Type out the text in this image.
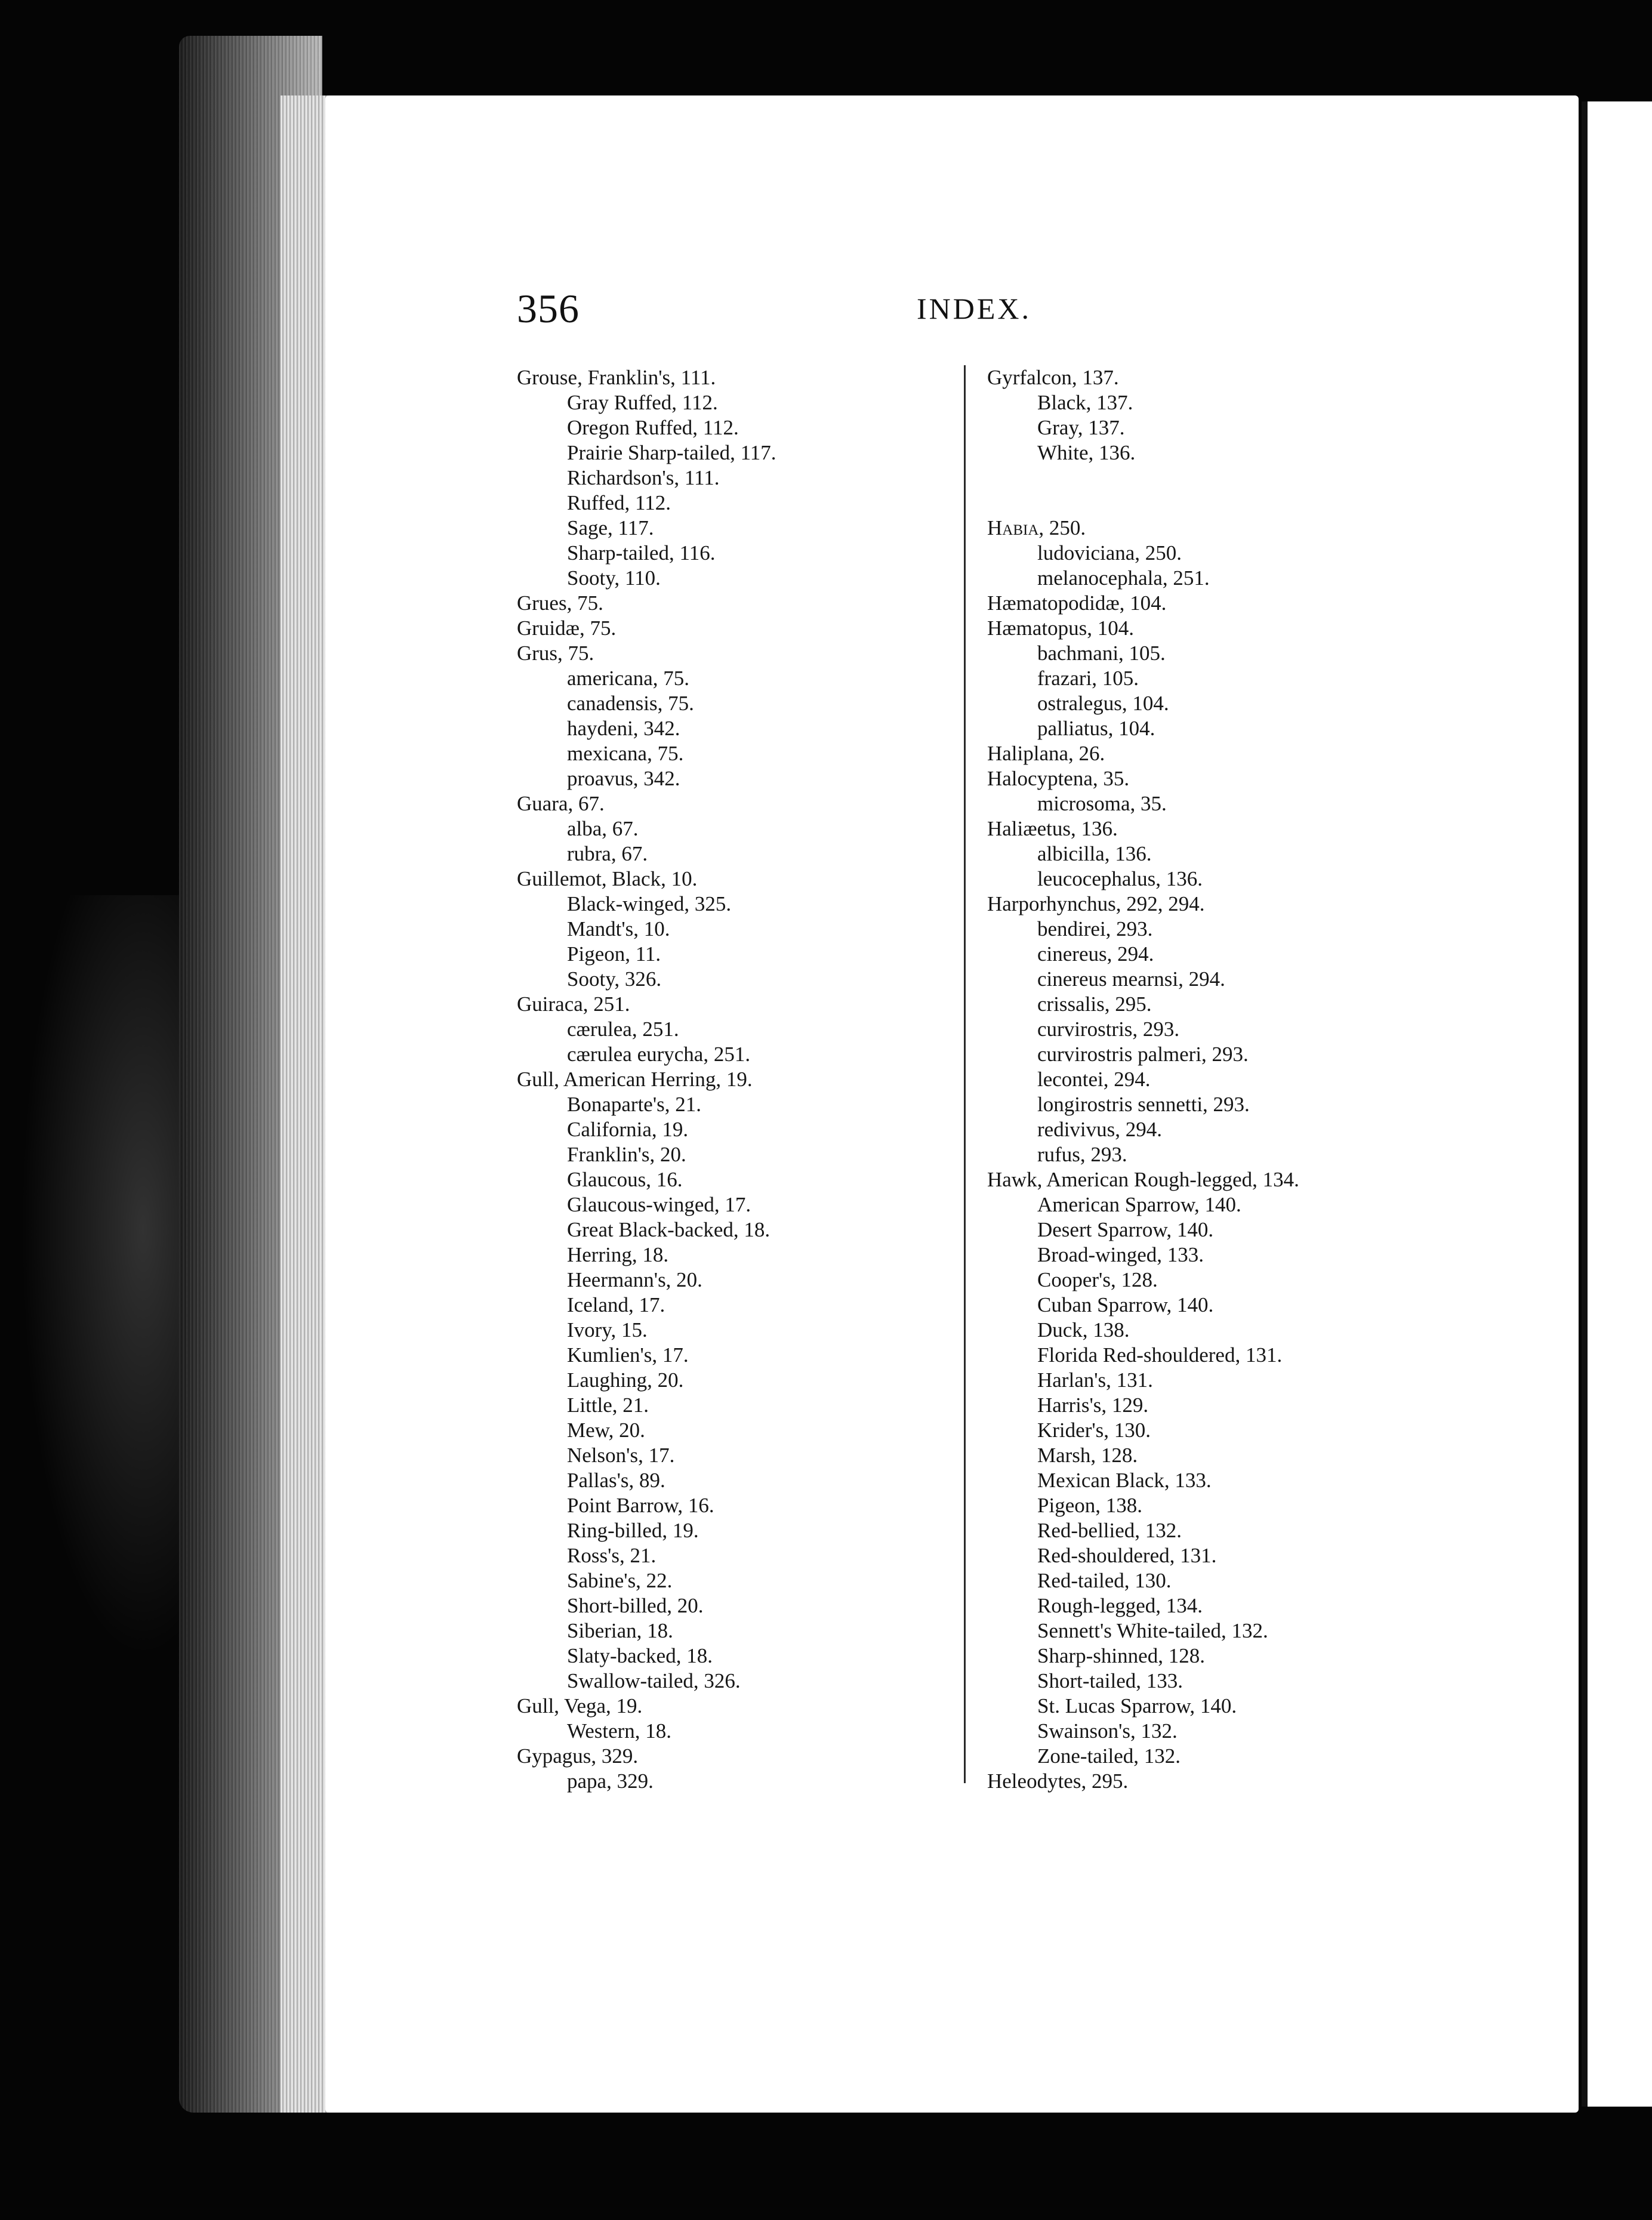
356	INDEX.
Grouse, Franklin's, 111.
Gray Ruffed, 112.
Oregon Ruffed, 112.
Prairie Sharp-tailed, 117.
Richardson's, 111.
Ruffed, 112.
Sage, 117.
Sharp-tailed, 116.
Sooty, 110.
Grues, 75.
Gruidæ, 75.
Grus, 75.
americana, 75.
canadensis, 75.
haydeni, 342.
mexicana, 75.
proavus, 342.
Guara, 67.
alba, 67.
rubra, 67.
Guillemot, Black, 10.
Black-winged, 325.
Mandt's, 10.
Pigeon, 11.
Sooty, 326.
Guiraca, 251.
cærulea, 251.
cærulea eurycha, 251.
Gull, American Herring, 19.
Bonaparte's, 21.
California, 19.
Franklin's, 20.
Glaucous, 16.
Glaucous-winged, 17.
Great Black-backed, 18.
Herring, 18.
Heermann's, 20.
Iceland, 17.
Ivory, 15.
Kumlien's, 17.
Laughing, 20.
Little, 21.
Mew, 20.
Nelson's, 17.
Pallas's, 89.
Point Barrow, 16.
Ring-billed, 19.
Ross's, 21.
Sabine's, 22.
Short-billed, 20.
Siberian, 18.
Slaty-backed, 18.
Swallow-tailed, 326.
Gull, Vega, 19.
Western, 18.
Gypagus, 329.
papa, 329.
Gyrfalcon, 137.
Black, 137.
Gray, 137.
White, 136.
Habia, 250.
ludoviciana, 250.
melanocephala, 251.
Hæmatopodidæ, 104.
Hæmatopus, 104.
bachmani, 105.
frazari, 105.
ostralegus, 104.
palliatus, 104.
Haliplana, 26.
Halocyptena, 35.
microsoma, 35.
Haliæetus, 136.
albicilla, 136.
leucocephalus, 136.
Harporhynchus, 292, 294.
bendirei, 293.
cinereus, 294.
cinereus mearnsi, 294.
crissalis, 295.
curvirostris, 293.
curvirostris palmeri, 293.
lecontei, 294.
longirostris sennetti, 293.
redivivus, 294.
rufus, 293.
Hawk, American Rough-legged, 134.
American Sparrow, 140.
Desert Sparrow, 140.
Broad-winged, 133.
Cooper's, 128.
Cuban Sparrow, 140.
Duck, 138.
Florida Red-shouldered, 131.
Harlan's, 131.
Harris's, 129.
Krider's, 130.
Marsh, 128.
Mexican Black, 133.
Pigeon, 138.
Red-bellied, 132.
Red-shouldered, 131.
Red-tailed, 130.
Rough-legged, 134.
Sennett's White-tailed, 132.
Sharp-shinned, 128.
Short-tailed, 133.
St. Lucas Sparrow, 140.
Swainson's, 132.
Zone-tailed, 132.
Heleodytes, 295.
